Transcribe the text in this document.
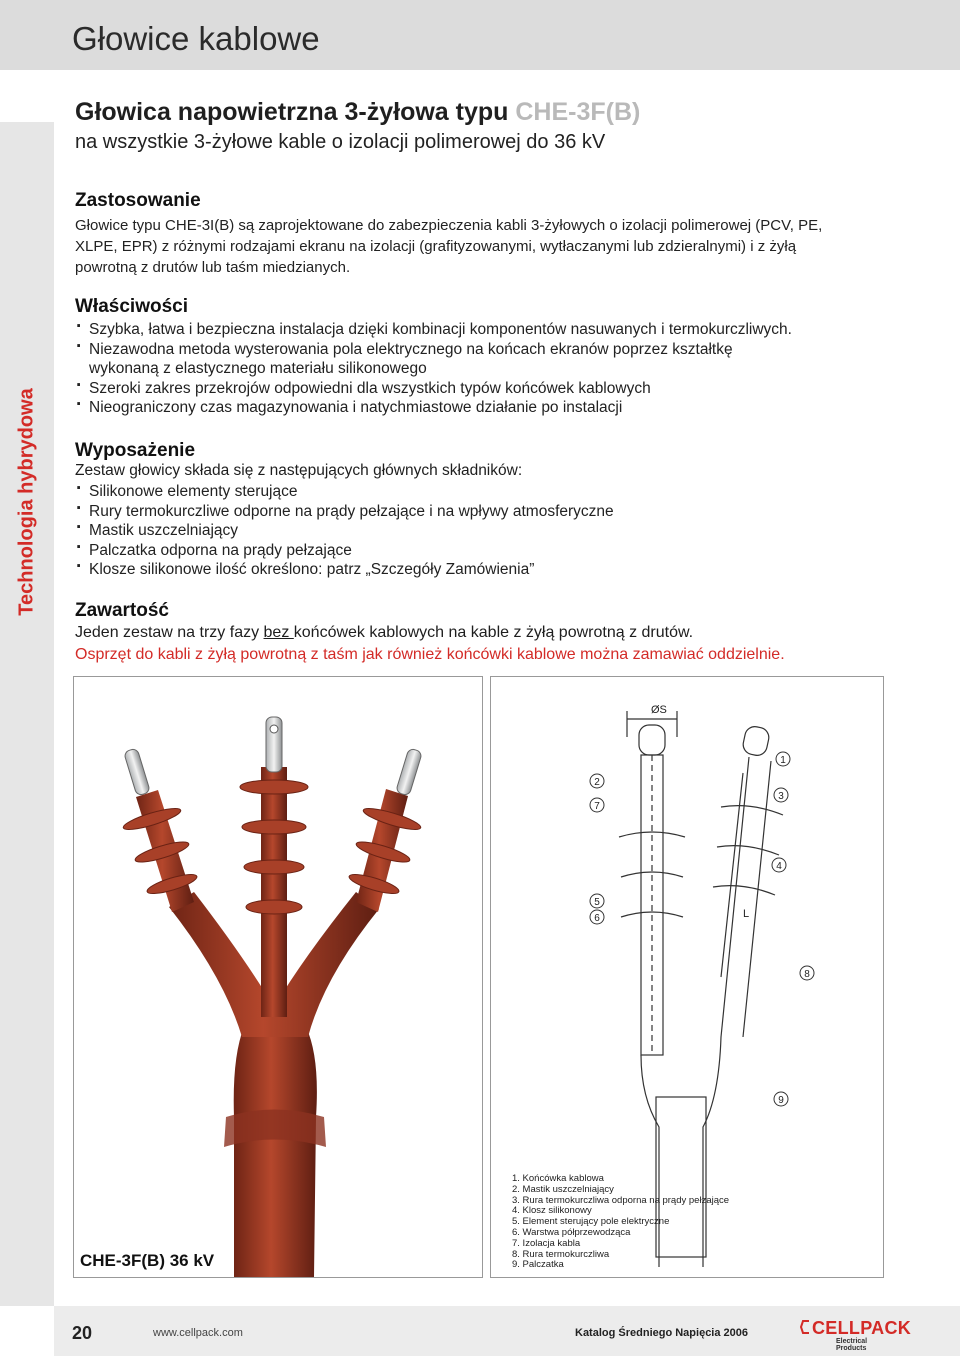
Głowice kablowe
Technologia hybrydowa
Głowica napowietrzna 3-żyłowa typu CHE-3F(B)
na wszystkie 3-żyłowe kable o izolacji polimerowej do 36 kV
Zastosowanie

Głowice typu CHE-3I(B) są zaprojektowane do zabezpieczenia kabli 3-żyłowych o izolacji polimerowej (PCV, PE, XLPE, EPR) z różnymi rodzajami ekranu na izolacji (grafityzowanymi, wytłaczanymi lub zdzieralnymi) i z żyłą powrotną z drutów lub taśm miedzianych.

Właściwości
· Szybka, łatwa i bezpieczna instalacja dzięki kombinacji komponentów nasuwanych i termokurczliwych.
· Niezawodna metoda wysterowania pola elektrycznego na końcach ekranów poprzez kształtkę
wykonaną z elastycznego materiału silikonowego
· Szeroki zakres przekrojów odpowiedni dla wszystkich typów końcówek kablowych
· Nieograniczony czas magazynowania i natychmiastowe działanie po instalacji
Wyposażenie
Zestaw głowicy składa się z następujących głównych składników:
· Silikonowe elementy sterujące
· Rury termokurczliwe odporne na prądy pełzające i na wpływy atmosferyczne
· Mastik uszczelniający
· Palczatka odporna na prądy pełzające
· Klosze silikonowe ilość określono: patrz „Szczegóły Zamówienia”
Zawartość
Jeden zestaw na trzy fazy bez końcówek kablowych na kable z żyłą powrotną z drutów.
Osprzęt do kabli z żyłą powrotną z taśm jak również końcówki kablowe można zamawiać oddzielnie.
CHE-3F(B) 36 kV
ØS
L
1
2
3
4
5
6
7
8
9
1. Końcówka kablowa
2. Mastik uszczelniający
3. Rura termokurczliwa odporna na prądy pełzające
4. Klosz silikonowy
5. Element sterujący pole elektryczne
6. Warstwa półprzewodząca
7. Izolacja kabla
8. Rura termokurczliwa
9. Palczatka
20	www.cellpack.com	Katalog Średniego Napięcia 2006	CELLPACK
Electrical Products
